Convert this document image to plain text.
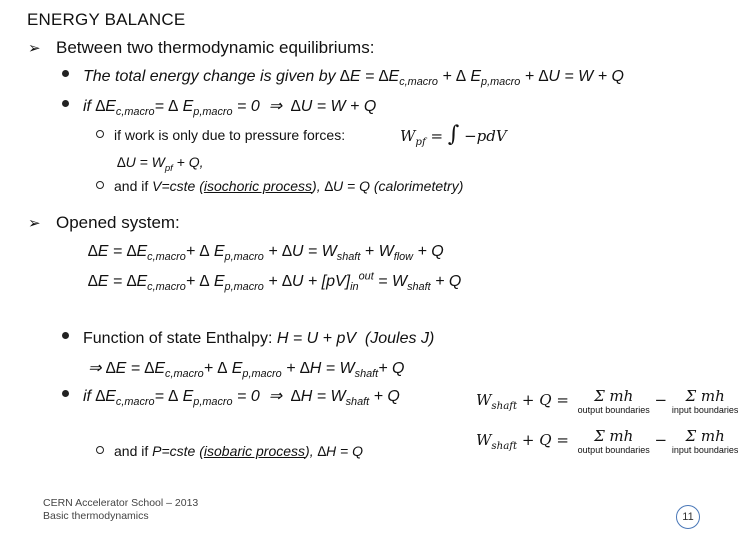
ENERGY BALANCE
➢ Between two thermodynamic equilibriums:
The total energy change is given by $\Delta E = \Delta E_{c,macro}$ + ∆ $E_{p,macro} + \Delta U = W + Q$
if $\Delta E_{c,macro}=$ ∆ $E_{p,macro} = 0$  ⇒  ∆U = W + Q
if work is only due to pressure forces:	$W_{pf}$ = ∫ −pdV
$\Delta U = W_{pf} + Q$,
and if V=cste (isochoric process), ∆U = Q (calorimetetry)
➢ Opened system:
$\Delta E = \Delta E_{c,macro}+$ ∆ $E_{p,macro} + \Delta U = W_{shaft} + W_{flow} + Q$
$\Delta E = \Delta E_{c,macro}+$ ∆ $E_{p,macro} + \Delta U + [pV]_{in}^{out} = W_{shaft} + Q$
Function of state Enthalpy: H = U + pV  (Joules J)
⇒ $\Delta E = \Delta E_{c,macro}+$ ∆ $E_{p,macro} + \Delta H = W_{shaft}+ Q$
if $\Delta E_{c,macro}=$ ∆ $E_{p,macro} = 0$  ⇒  $\Delta H = W_{shaft} + Q$	$W_{shaft} + Q$ =	Σ mh
output boundaries
− Σ mh
input boundaries
$W_{shaft} + Q$ =	Σ mh
output boundaries
− Σ mh
input boundaries
and if P=cste (isobaric process), ∆H = Q
CERN Accelerator School – 2013
Basic thermodynamics	11
